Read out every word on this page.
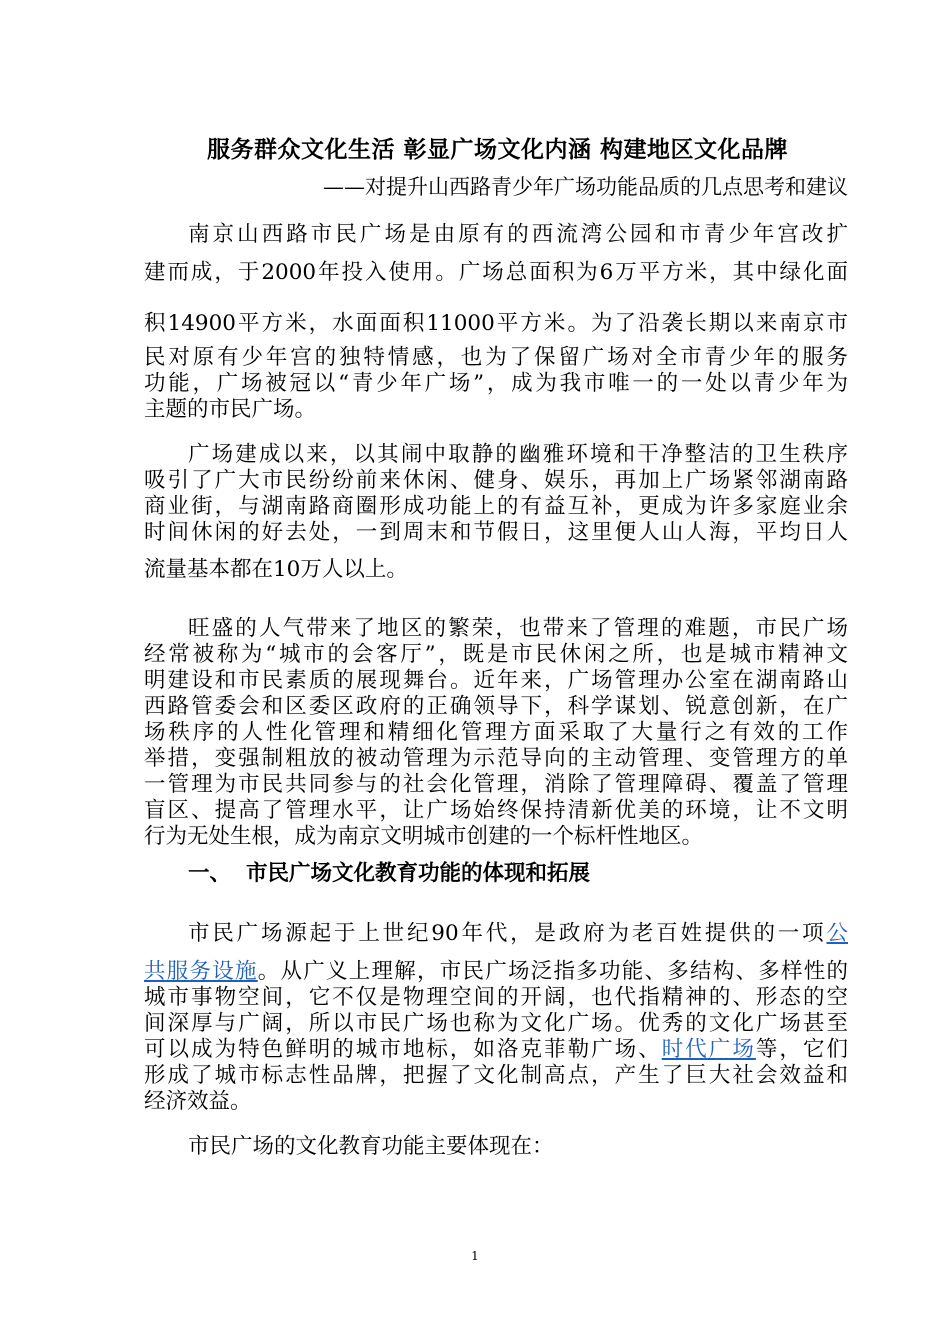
服务群众文化生活 彰显广场文化内涵 构建地区文化品牌
——对提升山西路青少年广场功能品质的几点思考和建议
南京山西路市民广场是由原有的西流湾公园和市青少年宫改扩
建而成，于2000年投入使用。广场总面积为6万平方米，其中绿化面
积14900平方米，水面面积11000平方米。为了沿袭长期以来南京市
民对原有少年宫的独特情感，也为了保留广场对全市青少年的服务
功能，广场被冠以“青少年广场”，成为我市唯一的一处以青少年为
主题的市民广场。
广场建成以来，以其闹中取静的幽雅环境和干净整洁的卫生秩序
吸引了广大市民纷纷前来休闲、健身、娱乐，再加上广场紧邻湖南路
商业街，与湖南路商圈形成功能上的有益互补，更成为许多家庭业余
时间休闲的好去处，一到周末和节假日，这里便人山人海，平均日人
流量基本都在10万人以上。
旺盛的人气带来了地区的繁荣，也带来了管理的难题，市民广场
经常被称为“城市的会客厅”，既是市民休闲之所，也是城市精神文
明建设和市民素质的展现舞台。近年来，广场管理办公室在湖南路山
西路管委会和区委区政府的正确领导下，科学谋划、锐意创新，在广
场秩序的人性化管理和精细化管理方面采取了大量行之有效的工作
举措，变强制粗放的被动管理为示范导向的主动管理、变管理方的单
一管理为市民共同参与的社会化管理，消除了管理障碍、覆盖了管理
盲区、提高了管理水平，让广场始终保持清新优美的环境，让不文明
行为无处生根，成为南京文明城市创建的一个标杆性地区。
一、 市民广场文化教育功能的体现和拓展
市民广场源起于上世纪90年代，是政府为老百姓提供的一项公
共服务设施。从广义上理解，市民广场泛指多功能、多结构、多样性的
城市事物空间，它不仅是物理空间的开阔，也代指精神的、形态的空
间深厚与广阔，所以市民广场也称为文化广场。优秀的文化广场甚至
可以成为特色鲜明的城市地标，如洛克菲勒广场、时代广场等，它们
形成了城市标志性品牌，把握了文化制高点，产生了巨大社会效益和
经济效益。
市民广场的文化教育功能主要体现在：
1
